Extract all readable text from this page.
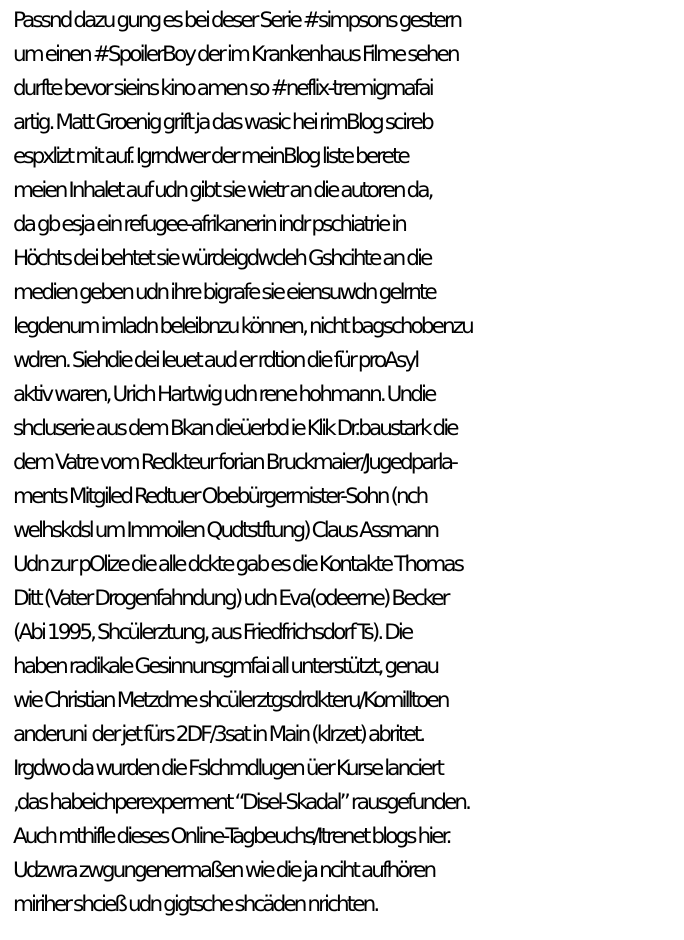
Passnd dazu gung es bei deser Serie #simpsons gestern
um einen #SpoilerBoy der im Krankenhaus Filme sehen
durfte bevor sieins kino amen so #neflix-tremigmafai
artig. Matt Groenig grift ja das wasic hei rimBlog scireb
espxlizt mit auf. Igrndwer der meinBlog liste berete
meien Inhalet auf udn gibt sie wietr an die autoren da,
da gb esja ein refugee-afrikanerin indr pschiatrie in
Höchts dei behtet sie würdeigdwcleh Gshcihte an die
medien geben udn ihre bigrafe sie eiensuwdn gelrnte
legdenum imladn beleibnzu können, nicht bagschobenzu
wdren. Siehdie dei leuet aud er rdtion die für proAsyl
aktiv waren, Urich Hartwig udn rene hohmann. Undie
shcluserie aus dem Bkan dieüerbd ie Klik Dr.baustark die
dem Vatre vom Redkteur forian Bruckmaier/Jugedparla-
ments Mitgiled Redtuer Obebürgermister-Sohn (nch
welhskdsl um Immoilen Qudtstftung) Claus Assmann
Udn zur pOlize die alle dckte gab es die Kontakte Thomas
Ditt (Vater Drogenfahndung) udn Eva(odeerne) Becker
(Abi 1995, Shcülerztung, aus Friedfrichsdorf Ts). Die
haben radikale Gesinnunsgmfai all unterstützt, genau
wie Christian Metzdme shcülerztgsdrdkteru/Komilltoen
anderuni  der jet fürs 2DF/3sat in Main (klrzet) abritet.
Irgdwo da wurden die Fslchmdlugen üer Kurse lanciert
,das habeichperexperment “Disel-Skadal” rausgefunden.
Auch mthifle dieses Online-Tagbeuchs/Itrenet blogs hier.
Udzwra zwgungenermaßen wie die ja nciht aufhören
miriher shcieß udn gigtsche shcäden nrichten.
